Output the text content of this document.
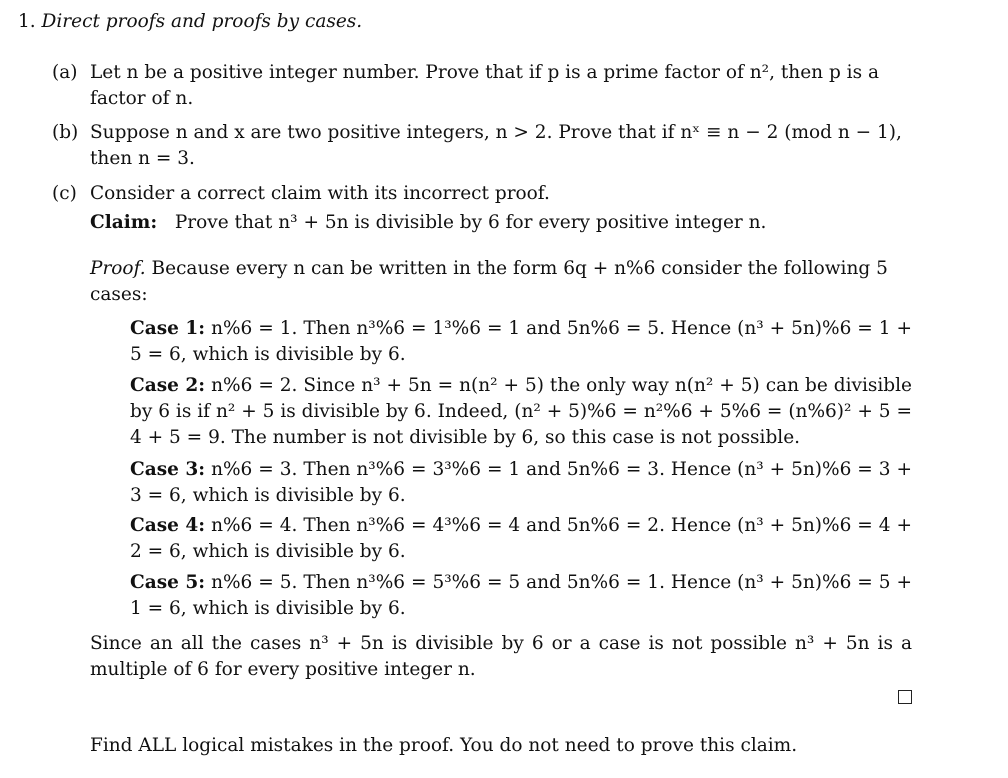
1. Direct proofs and proofs by cases.
(a) Let n be a positive integer number. Prove that if p is a prime factor of n², then p is a
factor of n.
(b) Suppose n and x are two positive integers, n > 2. Prove that if nˣ ≡ n − 2 (mod n − 1),
then n = 3.
(c) Consider a correct claim with its incorrect proof.
Claim: Prove that n³ + 5n is divisible by 6 for every positive integer n.
Proof. Because every n can be written in the form 6q + n%6 consider the following 5
cases:
Case 1: n%6 = 1. Then n³%6 = 1³%6 = 1 and 5n%6 = 5. Hence (n³ + 5n)%6 = 1 + 5 = 6, which is divisible by 6.
Case 2: n%6 = 2. Since n³ + 5n = n(n² + 5) the only way n(n² + 5) can be divisible by 6 is if n² + 5 is divisible by 6. Indeed, (n² + 5)%6 = n²%6 + 5%6 = (n%6)² + 5 = 4 + 5 = 9. The number is not divisible by 6, so this case is not possible.
Case 3: n%6 = 3. Then n³%6 = 3³%6 = 1 and 5n%6 = 3. Hence (n³ + 5n)%6 = 3 + 3 = 6, which is divisible by 6.
Case 4: n%6 = 4. Then n³%6 = 4³%6 = 4 and 5n%6 = 2. Hence (n³ + 5n)%6 = 4 + 2 = 6, which is divisible by 6.
Case 5: n%6 = 5. Then n³%6 = 5³%6 = 5 and 5n%6 = 1. Hence (n³ + 5n)%6 = 5 + 1 = 6, which is divisible by 6.
Since an all the cases n³ + 5n is divisible by 6 or a case is not possible n³ + 5n is a multiple of 6 for every positive integer n.
Find ALL logical mistakes in the proof. You do not need to prove this claim.
